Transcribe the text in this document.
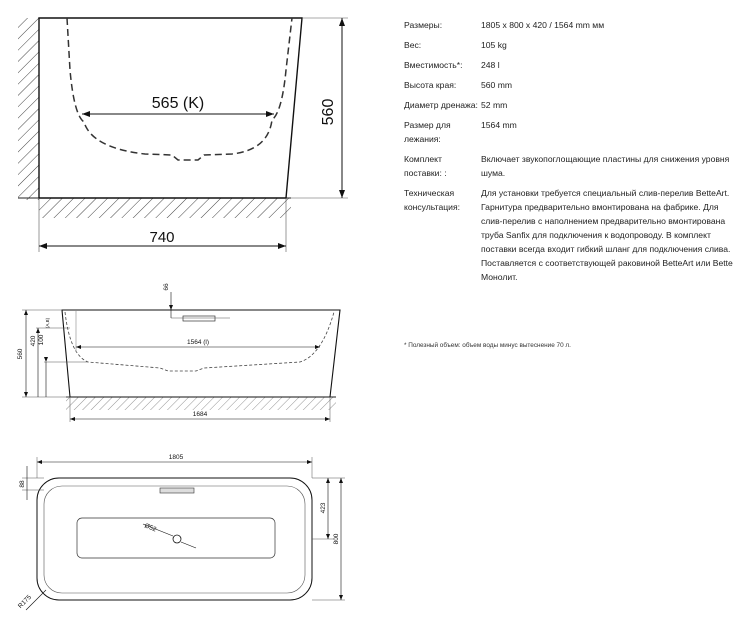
565 (K)	560
740
66
1564 (l)
560
420 100
(A,B)
1684
Ø52
1805
88
423
800
R175
Размеры:	1805 x 800 x 420 / 1564 mm мм
Вес:	105 kg
Вместимость*:	248 l
Высота края:	560 mm
Диаметр дренажа: 52 mm
Размер для лежания:
1564 mm
Комплект поставки: :
Включает звукопоглощающие пластины для снижения уровня шума.
Техническая консультация:
Для установки требуется специальный слив-перелив BetteArt. Гарнитура предварительно вмонтирована на фабрике. Для слив-перелив с наполнением предварительно вмонтирована труба Sanfix для подключения к водопроводу. В комплект поставки всегда входит гибкий шланг для подключения слива. Поставляется с соответствующей раковиной BetteArt или Bette Монолит.
* Полезный объем: объем воды минус вытеснение 70 л.
